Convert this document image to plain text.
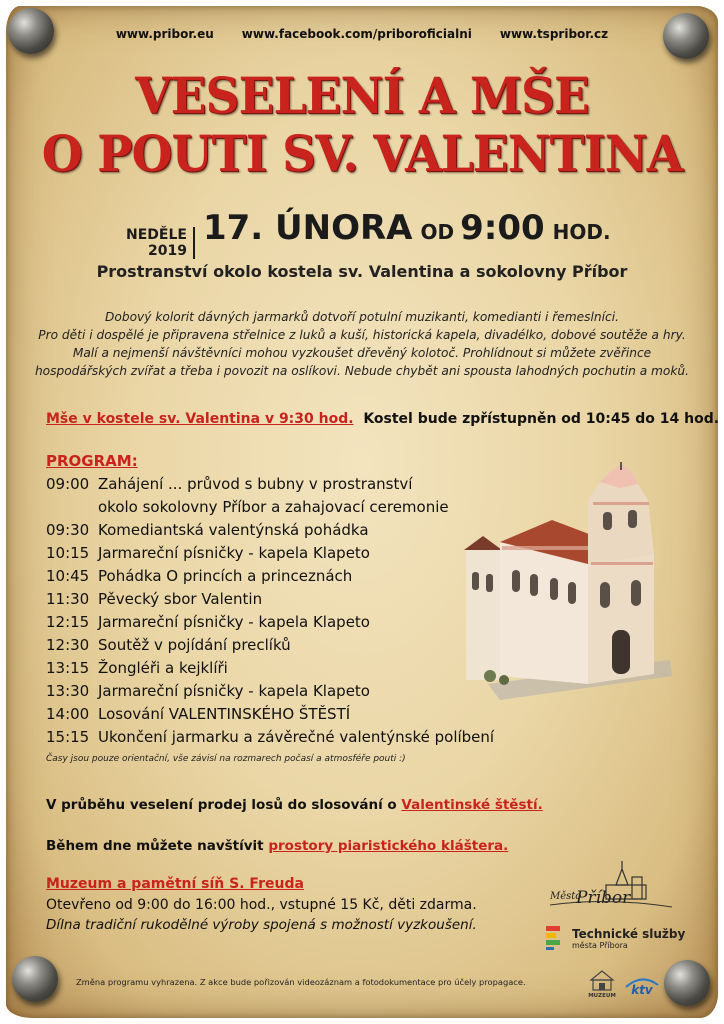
www.pribor.eu www.facebook.com/priboroficialni www.tspribor.cz
VESELENÍ A MŠE
O POUTI SV. VALENTINA
NEDĚLE
2019
17. ÚNORA OD 9:00 HOD.
Prostranství okolo kostela sv. Valentina a sokolovny Příbor
Dobový kolorit dávných jarmarků dotvoří potulní muzikanti, komedianti i řemeslníci.
Pro děti i dospělé je připravena střelnice z luků a kuší, historická kapela, divadélko, dobové soutěže a hry.
Malí a nejmenší návštěvníci mohou vyzkoušet dřevěný kolotoč. Prohlídnout si můžete zvěřince
hospodářských zvířat a třeba i povozit na oslíkovi. Nebude chybět ani spousta lahodných pochutin a moků.
Mše v kostele sv. Valentina v 9:30 hod. Kostel bude zpřístupněn od 10:45 do 14 hod.
PROGRAM:
09:00 Zahájení ... průvod s bubny v prostranství
okolo sokolovny Příbor a zahajovací ceremonie
09:30 Komediantská valentýnská pohádka
10:15 Jarmareční písničky - kapela Klapeto
10:45 Pohádka O princích a princeznách
11:30 Pěvecký sbor Valentin
12:15 Jarmareční písničky - kapela Klapeto
12:30 Soutěž v pojídání preclíků
13:15 Žongléři a kejklíři
13:30 Jarmareční písničky - kapela Klapeto
14:00 Losování VALENTINSKÉHO ŠTĚSTÍ
15:15 Ukončení jarmarku a závěrečné valentýnské políbení
Časy jsou pouze orientační, vše závisí na rozmarech počasí a atmosféře pouti :)
V průběhu veselení prodej losů do slosování o Valentinské štěstí.
Během dne můžete navštívit prostory piaristického kláštera.
Muzeum a pamětní síň S. Freuda
Otevřeno od 9:00 do 16:00 hod., vstupné 15 Kč, děti zdarma.
Dílna tradiční rukodělné výroby spojená s možností vyzkoušení.
Město
Příbor
Technické služby
města Příbora
MUZEUM ktv
Změna programu vyhrazena. Z akce bude pořizován videozáznam a fotodokumentace pro účely propagace.
